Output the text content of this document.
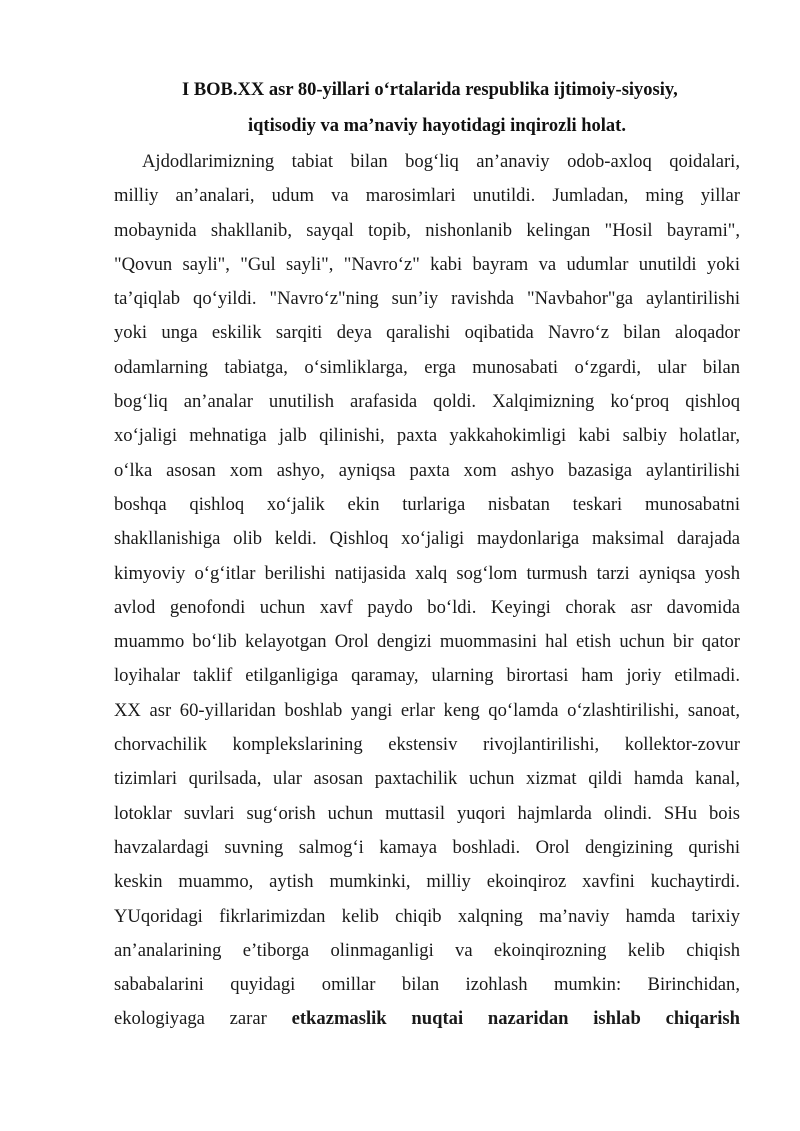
I BOB.XX asr 80-yillari o‘rtalarida respublika ijtimoiy-siyosiy,
iqtisodiy va ma’naviy hayotidagi inqirozli holat.
Ajdodlarimizning tabiat bilan bog‘liq an’anaviy odob-axloq qoidalari,
milliy an’analari, udum va marosimlari unutildi. Jumladan, ming yillar
mobaynida shakllanib, sayqal topib, nishonlanib kelingan "Hosil bayrami",
"Qovun sayli", "Gul sayli", "Navro‘z" kabi bayram va udumlar unutildi yoki
ta’qiqlab qo‘yildi. "Navro‘z"ning sun’iy ravishda "Navbahor"ga aylantirilishi
yoki unga eskilik sarqiti deya qaralishi oqibatida Navro‘z bilan aloqador
odamlarning tabiatga, o‘simliklarga, erga munosabati o‘zgardi, ular bilan
bog‘liq an’analar unutilish arafasida qoldi. Xalqimizning ko‘proq qishloq
xo‘jaligi mehnatiga jalb qilinishi, paxta yakkahokimligi kabi salbiy holatlar,
o‘lka asosan xom ashyo, ayniqsa paxta xom ashyo bazasiga aylantirilishi
boshqa qishloq xo‘jalik ekin turlariga nisbatan teskari munosabatni
shakllanishiga olib keldi. Qishloq xo‘jaligi maydonlariga maksimal darajada
kimyoviy o‘g‘itlar berilishi natijasida xalq sog‘lom turmush tarzi ayniqsa yosh
avlod genofondi uchun xavf paydo bo‘ldi. Keyingi chorak asr davomida
muammo bo‘lib kelayotgan Orol dengizi muommasini hal etish uchun bir qator
loyihalar taklif etilganligiga qaramay, ularning birortasi ham joriy etilmadi.
XX asr 60-yillaridan boshlab yangi erlar keng qo‘lamda o‘zlashtirilishi, sanoat,
chorvachilik komplekslarining ekstensiv rivojlantirilishi, kollektor-zovur
tizimlari qurilsada, ular asosan paxtachilik uchun xizmat qildi hamda kanal,
lotoklar suvlari sug‘orish uchun muttasil yuqori hajmlarda olindi. SHu bois
havzalardagi suvning salmog‘i kamaya boshladi. Orol dengizining qurishi
keskin muammo, aytish mumkinki, milliy ekoinqiroz xavfini kuchaytirdi.
YUqoridagi fikrlarimizdan kelib chiqib xalqning ma’naviy hamda tarixiy
an’analarining e’tiborga olinmaganligi va ekoinqirozning kelib chiqish
sababalarini quyidagi omillar bilan izohlash mumkin: Birinchidan,
ekologiyaga zarar etkazmaslik nuqtai nazaridan ishlab chiqarish
